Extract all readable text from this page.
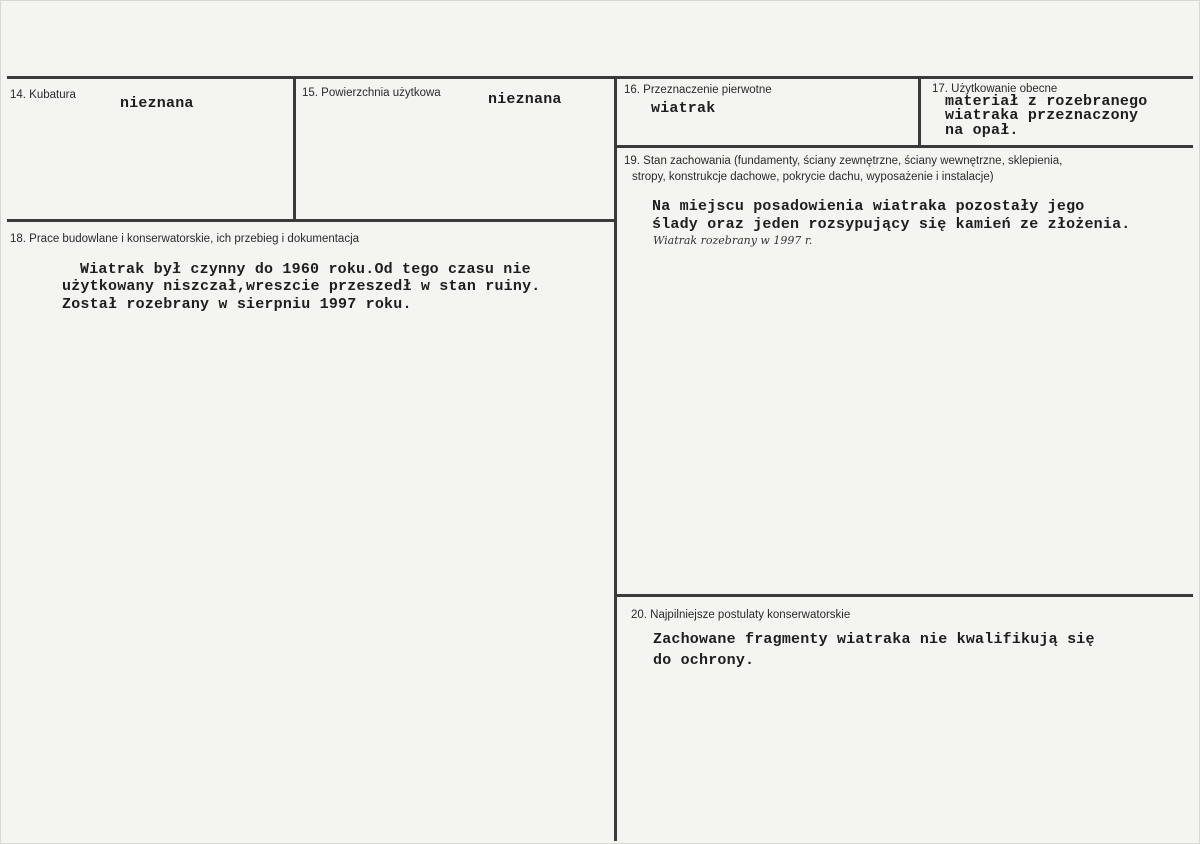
14. Kubatura	nieznana
15. Powierzchnia użytkowa	nieznana
16. Przeznaczenie pierwotne
wiatrak
17. Użytkowanie obecne
materiał z rozebranego
wiatraka przeznaczony
na opał.
18. Prace budowlane i konserwatorskie, ich przebieg i dokumentacja
Wiatrak był czynny do 1960 roku.Od tego czasu nie
użytkowany niszczał,wreszcie przeszedł w stan ruiny.
Został rozebrany w sierpniu 1997 roku.
19. Stan zachowania (fundamenty, ściany zewnętrzne, ściany wewnętrzne, sklepienia,
stropy, konstrukcje dachowe, pokrycie dachu, wyposażenie i instalacje)
Na miejscu posadowienia wiatraka pozostały jego
ślady oraz jeden rozsypujący się kamień ze złożenia.
Wiatrak rozebrany w 1997 r.
20. Najpilniejsze postulaty konserwatorskie
Zachowane fragmenty wiatraka nie kwalifikują się
do ochrony.
